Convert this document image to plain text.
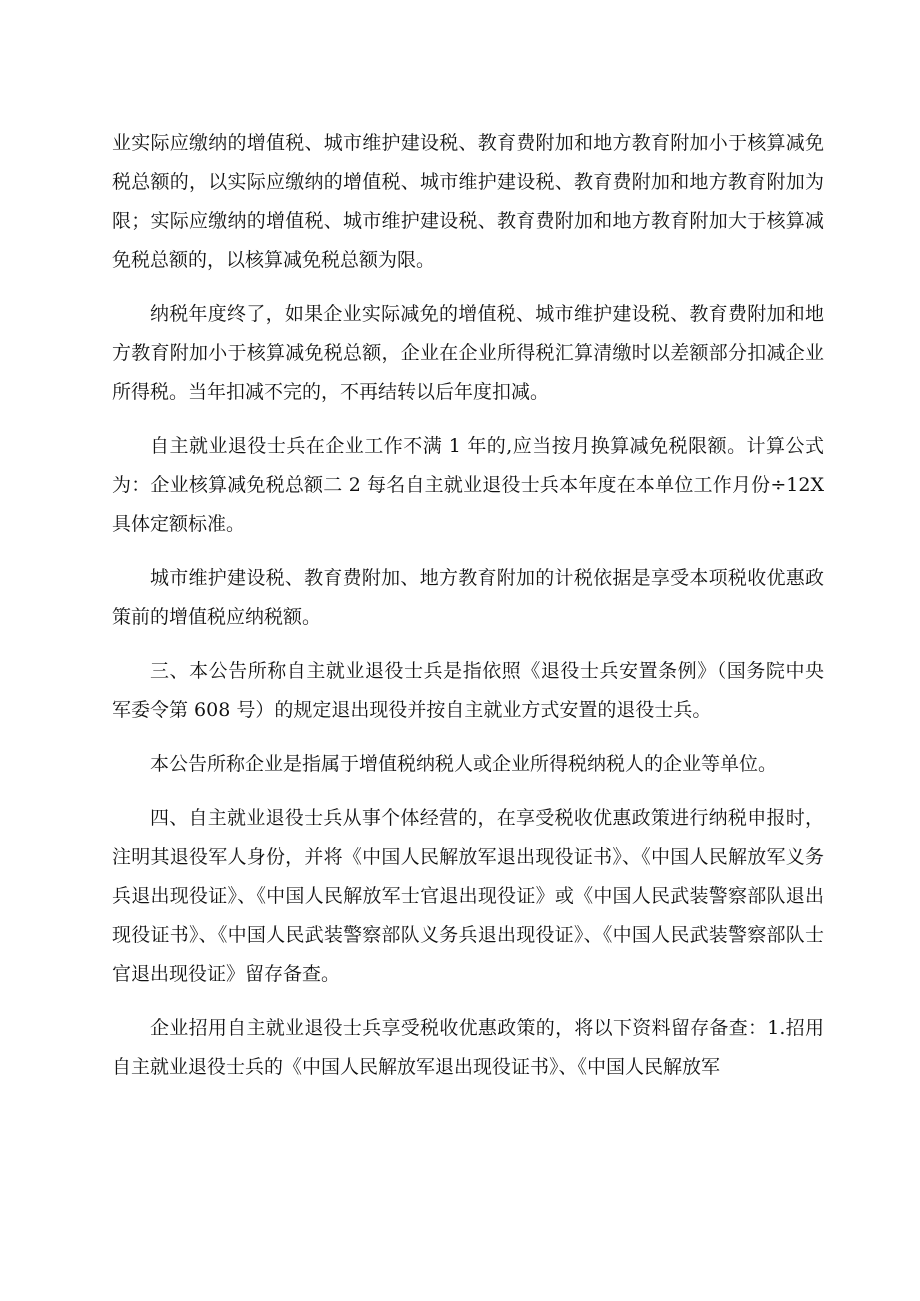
业实际应缴纳的增值税、城市维护建设税、教育费附加和地方教育附加小于核算减免税总额的，以实际应缴纳的增值税、城市维护建设税、教育费附加和地方教育附加为限；实际应缴纳的增值税、城市维护建设税、教育费附加和地方教育附加大于核算减免税总额的，以核算减免税总额为限。

纳税年度终了，如果企业实际减免的增值税、城市维护建设税、教育费附加和地方教育附加小于核算减免税总额，企业在企业所得税汇算清缴时以差额部分扣减企业所得税。当年扣减不完的，不再结转以后年度扣减。

自主就业退役士兵在企业工作不满 1 年的,应当按月换算减免税限额。计算公式为：企业核算减免税总额二 2 每名自主就业退役士兵本年度在本单位工作月份÷12X 具体定额标准。

城市维护建设税、教育费附加、地方教育附加的计税依据是享受本项税收优惠政策前的增值税应纳税额。

三、本公告所称自主就业退役士兵是指依照《退役士兵安置条例》（国务院中央军委令第 608 号）的规定退出现役并按自主就业方式安置的退役士兵。

本公告所称企业是指属于增值税纳税人或企业所得税纳税人的企业等单位。

四、自主就业退役士兵从事个体经营的，在享受税收优惠政策进行纳税申报时，注明其退役军人身份，并将《中国人民解放军退出现役证书》、《中国人民解放军义务兵退出现役证》、《中国人民解放军士官退出现役证》或《中国人民武装警察部队退出现役证书》、《中国人民武装警察部队义务兵退出现役证》、《中国人民武装警察部队士官退出现役证》留存备查。

企业招用自主就业退役士兵享受税收优惠政策的，将以下资料留存备查：1.招用自主就业退役士兵的《中国人民解放军退出现役证书》、《中国人民解放军
